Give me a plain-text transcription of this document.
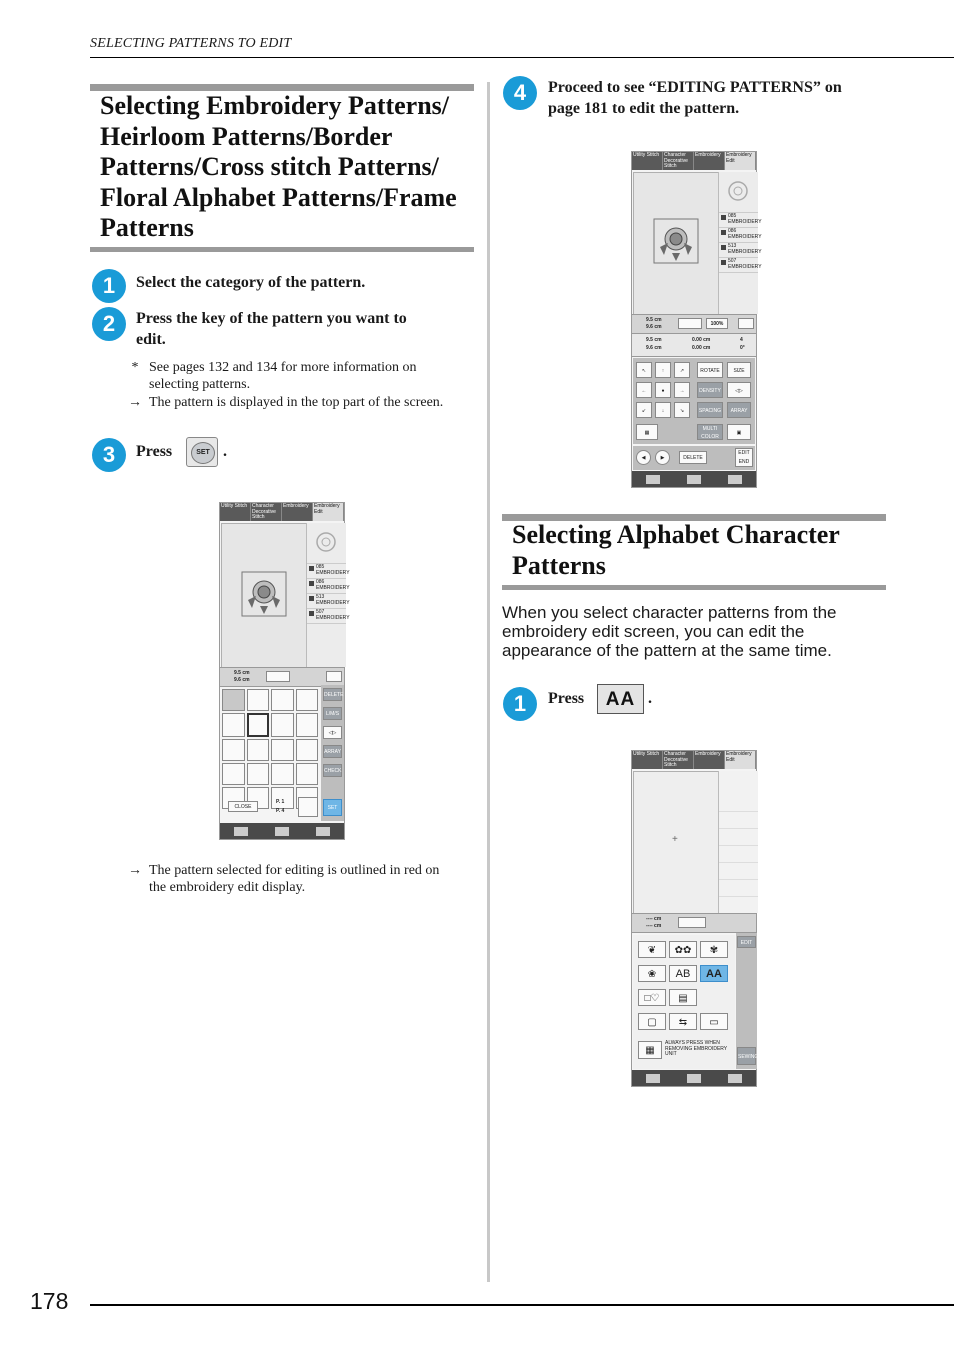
SELECTING PATTERNS TO EDIT
Selecting Embroidery Patterns/
Heirloom Patterns/Border
Patterns/Cross stitch Patterns/
Floral Alphabet Patterns/Frame
Patterns
1	Select the category of the pattern.
2	Press the key of the pattern you want to
edit.
* See pages 132 and 134 for more information on
selecting patterns.
→ The pattern is displayed in the top part of the screen.
3	Press	SET .
Utility Stitch Character Decorative Stitch
Embroidery	Embroidery Edit
085
EMBROIDERY
086
EMBROIDERY
513
EMBROIDERY
507
EMBROIDERY
9.5 cm
9.6 cm
DELETE
L/M/S
◁▷
ARRAY
CHECK
SET
CLOSE
P. 1
P. 4
→ The pattern selected for editing is outlined in red on
the embroidery edit display.
4	Proceed to see “EDITING PATTERNS” on
page 181 to edit the pattern.
Utility Stitch Character Decorative Stitch
Embroidery	Embroidery Edit
085
EMBROIDERY
086
EMBROIDERY
513
EMBROIDERY
507
EMBROIDERY
9.5 cm
9.6 cm	100%
9.5 cm
9.6 cm
0.00 cm
0.00 cm
4
0°
↖	↑	↗
←	●	→
↙	↓	↘
▦
ROTATE	SIZE
DENSITY	◁▷
SPACING	ARRAY
MULTI COLOR
▣
◀	▶	DELETE
EDIT END
Selecting Alphabet Character
Patterns
When you select character patterns from the
embroidery edit screen, you can edit the
appearance of the pattern at the same time.
1	Press	AA .
Utility Stitch Character Decorative Stitch
Embroidery	Embroidery Edit
+
---- cm
---- cm
❦	✿✿	✾
❀	AB	AA
□♡	▤
▢	⇆	▭
▦
ALWAYS PRESS WHEN
REMOVING EMBROIDERY
UNIT
EDIT
SEWING
178
